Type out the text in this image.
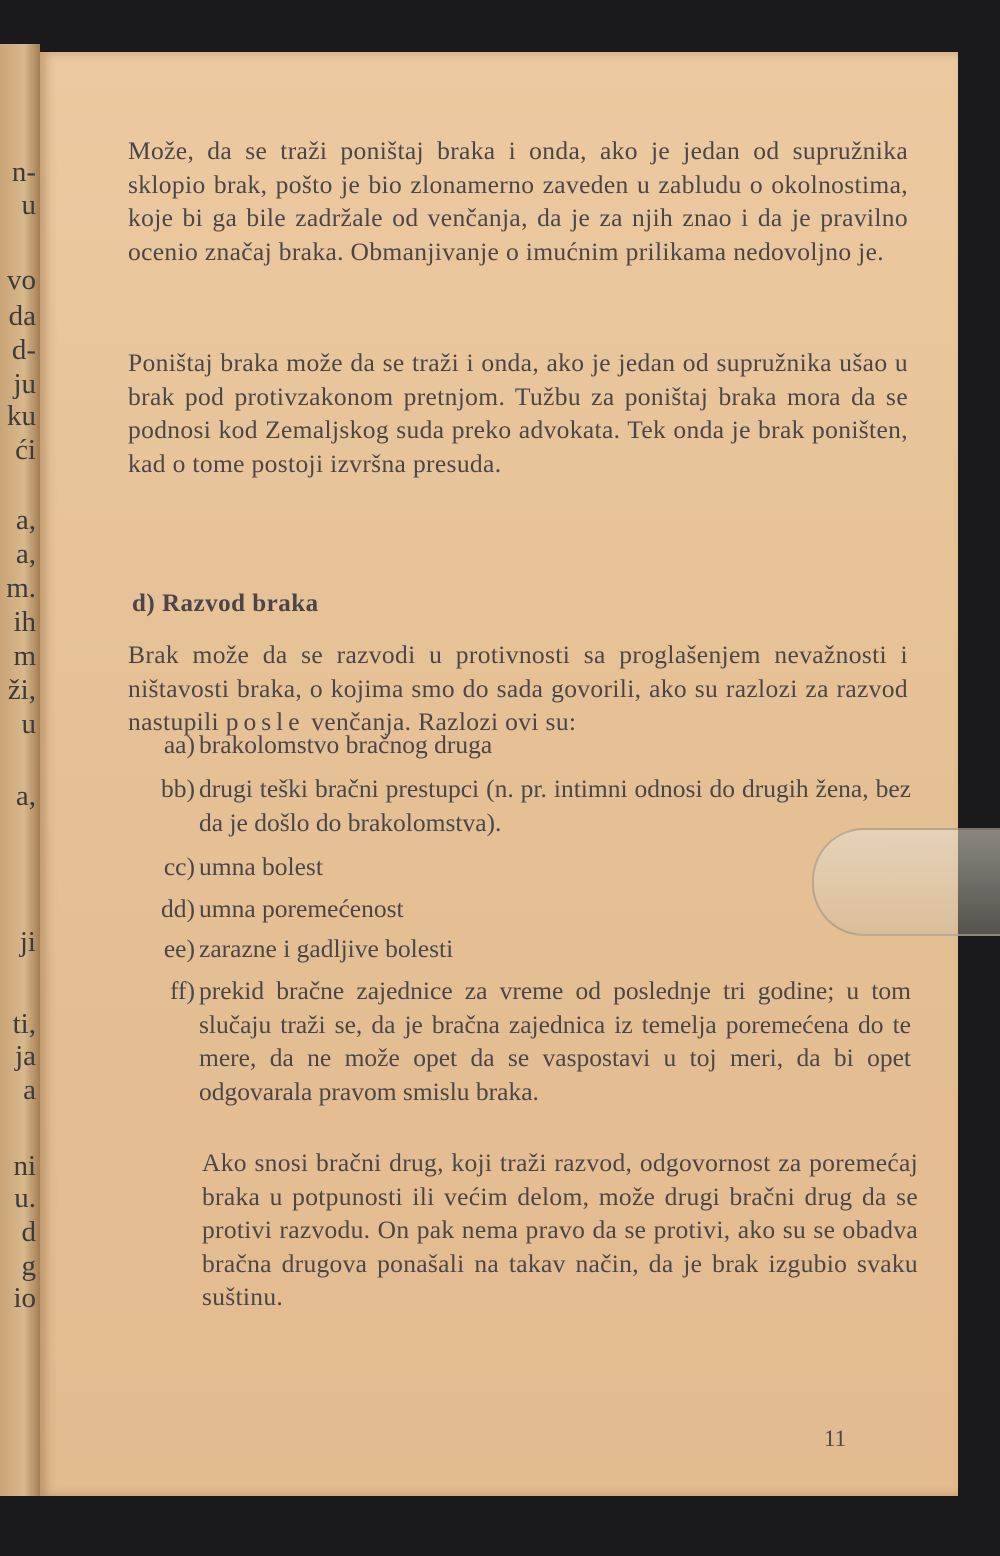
n-
u
vo
da
d-
ju
ku
ći
a,
a,
m.
ih
m
ži,
u
a,
ji
ti,
ja
a
ni
u.
d
g
io

Može, da se traži poništaj braka i onda, ako je jedan od supružnika sklopio brak, pošto je bio zlonamerno zaveden u zabludu o okolnostima, koje bi ga bile zadržale od venčanja, da je za njih znao i da je pravilno ocenio značaj braka. Obmanjivanje o imućnim prilikama nedovoljno je.

Poništaj braka može da se traži i onda, ako je jedan od supružnika ušao u brak pod protivzakonom pretnjom. Tužbu za poništaj braka mora da se podnosi kod Zemaljskog suda preko advokata. Tek onda je brak poništen, kad o tome postoji izvršna presuda.

d) Razvod braka

Brak može da se razvodi u protivnosti sa proglašenjem nevažnosti i ništavosti braka, o kojima smo do sada govorili, ako su razlozi za razvod nastupili posle venčanja. Razlozi ovi su:

aa) brakolomstvo bračnog druga
bb) drugi teški bračni prestupci (n. pr. intimni odnosi do drugih žena, bez da je došlo do brakolomstva).
cc) umna bolest
dd) umna poremećenost
ee) zarazne i gadljive bolesti
ff) prekid bračne zajednice za vreme od poslednje tri godine; u tom slučaju traži se, da je bračna zajednica iz temelja poremećena do te mere, da ne može opet da se vaspostavi u toj meri, da bi opet odgovarala pravom smislu braka.
Ako snosi bračni drug, koji traži razvod, odgovornost za poremećaj braka u potpunosti ili većim delom, može drugi bračni drug da se protivi razvodu. On pak nema pravo da se protivi, ako su se obadva bračna drugova ponašali na takav način, da je brak izgubio svaku suštinu.
11
